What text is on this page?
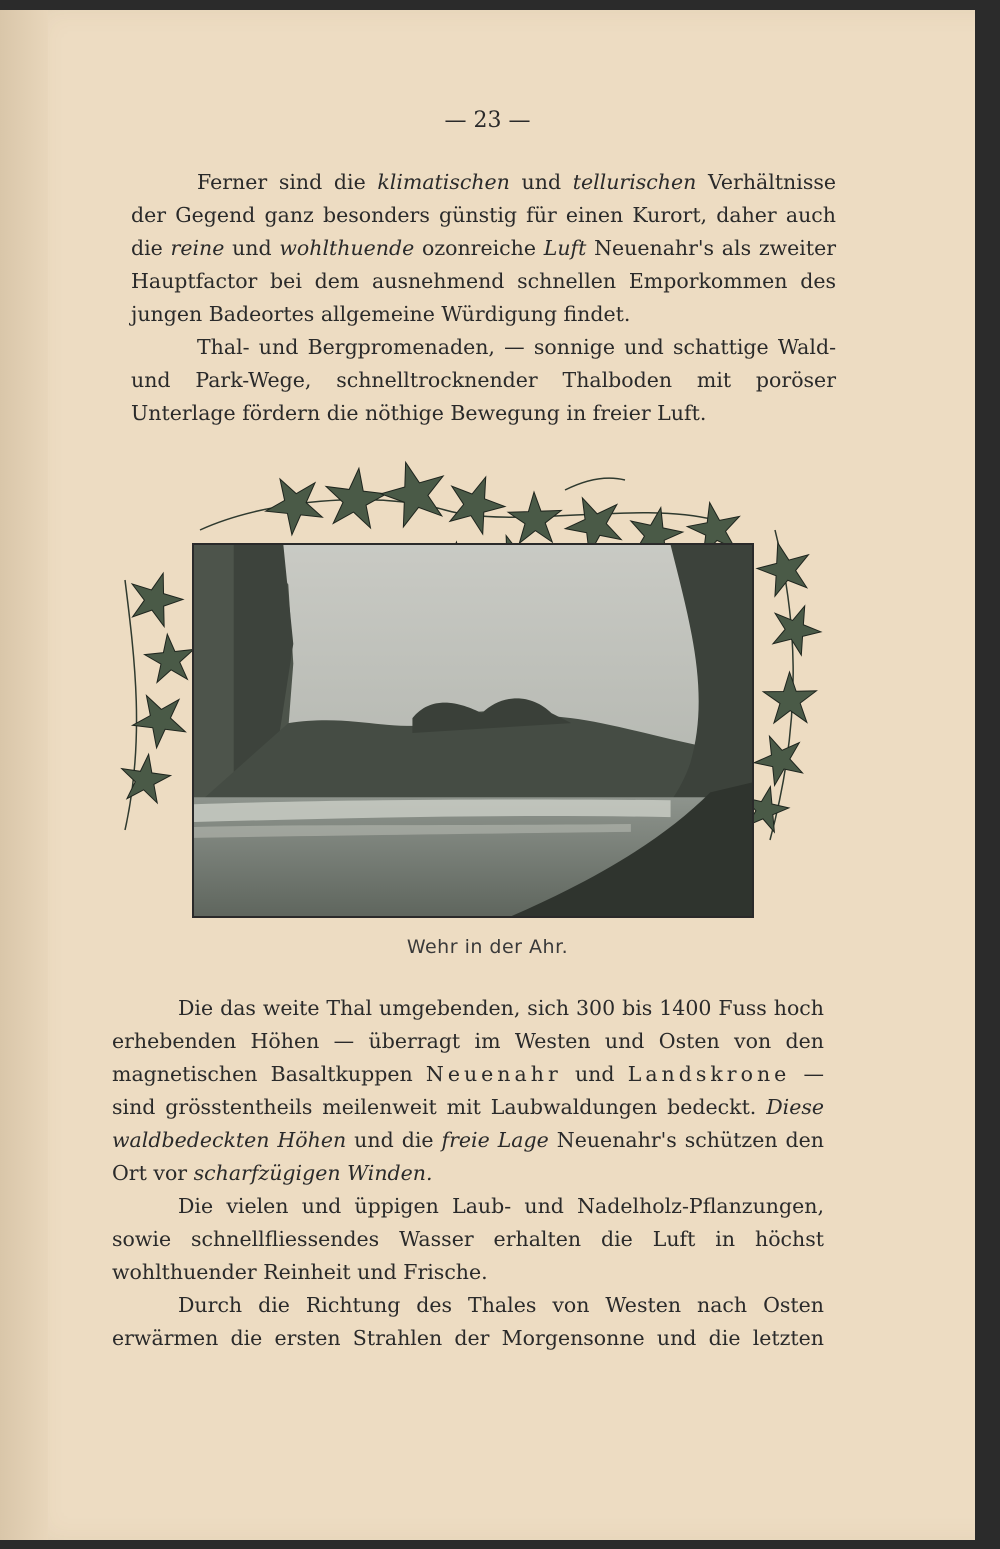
— 23 —

Ferner sind die klimatischen und tellurischen Verhältnisse der Gegend ganz besonders günstig für einen Kurort, daher auch die reine und wohlthuende ozonreiche Luft Neuenahr's als zweiter Hauptfactor bei dem ausnehmend schnellen Emporkommen des jungen Badeortes allgemeine Würdigung findet.

Thal- und Bergpromenaden, — sonnige und schattige Wald- und Park-Wege, schnelltrocknender Thalboden mit poröser Unterlage fördern die nöthige Bewegung in freier Luft.

Wehr in der Ahr.

Die das weite Thal umgebenden, sich 300 bis 1400 Fuss hoch erhebenden Höhen — überragt im Westen und Osten von den magnetischen Basaltkuppen Neuenahr und Landskrone — sind grösstentheils meilenweit mit Laubwaldungen bedeckt. Diese waldbedeckten Höhen und die freie Lage Neuenahr's schützen den Ort vor scharfzügigen Winden.

Die vielen und üppigen Laub- und Nadelholz-Pflanzungen, sowie schnellfliessendes Wasser erhalten die Luft in höchst wohlthuender Reinheit und Frische.

Durch die Richtung des Thales von Westen nach Osten erwärmen die ersten Strahlen der Morgensonne und die letzten
